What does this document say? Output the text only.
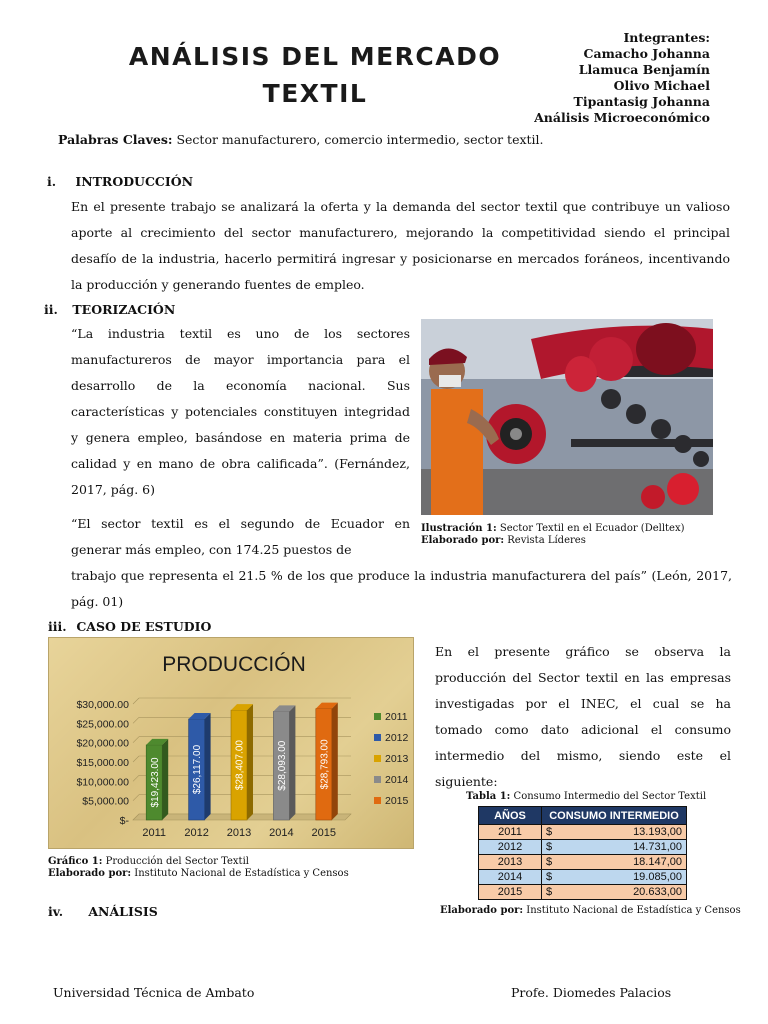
ANÁLISIS DEL MERCADO TEXTIL
Integrantes:
Camacho Johanna
Llamuca Benjamín
Olivo Michael
Tipantasig Johanna
Análisis Microeconómico
Palabras Claves: Sector manufacturero, comercio intermedio, sector textil.
i. INTRODUCCIÓN
En el presente trabajo se analizará la oferta y la demanda del sector textil que contribuye un valioso aporte al crecimiento del sector manufacturero, mejorando la competitividad siendo el principal desafío de la industria, hacerlo permitirá ingresar y posicionarse en mercados foráneos, incentivando la producción y generando fuentes de empleo.
ii. TEORIZACIÓN
“La industria textil es uno de los sectores manufactureros de mayor importancia para el desarrollo de la economía nacional. Sus características y potenciales constituyen integridad y genera empleo, basándose en materia prima de calidad y en mano de obra calificada”. (Fernández, 2017, pág. 6)
“El sector textil es el segundo de Ecuador en generar más empleo, con 174.25 puestos de
trabajo que representa el 21.5 % de los que produce la industria manufacturera del país” (León, 2017, pág. 01)
Ilustración 1: Sector Textil en el Ecuador (Delltex)
Elaborado por: Revista Líderes
iii. CASO DE ESTUDIO
PRODUCCIÓN
$-
$5,000.00
$10,000.00
$15,000.00
$20,000.00
$25,000.00
$30,000.00
$19,423.00
2011
$26,117.00
2012
$28,407.00
2013
$28,093.00
2014
$28,793.00
2015
2011
2012
2013
2014
2015
Gráfico 1: Producción del Sector Textil
Elaborado por: Instituto Nacional de Estadística y Censos
En el presente gráfico se observa la producción del Sector textil en las empresas investigadas por el INEC, el cual se ha tomado como dato adicional el consumo intermedio del mismo, siendo este el siguiente:
Tabla 1: Consumo Intermedio del Sector Textil
AÑOS	CONSUMO INTERMEDIO	
2011	$	13.193,00
2012	$	14.731,00
2013	$	18.147,00
2014	$	19.085,00
2015	$	20.633,00
Elaborado por: Instituto Nacional de Estadística y Censos
iv. ANÁLISIS
Universidad Técnica de Ambato	Profe. Diomedes Palacios
